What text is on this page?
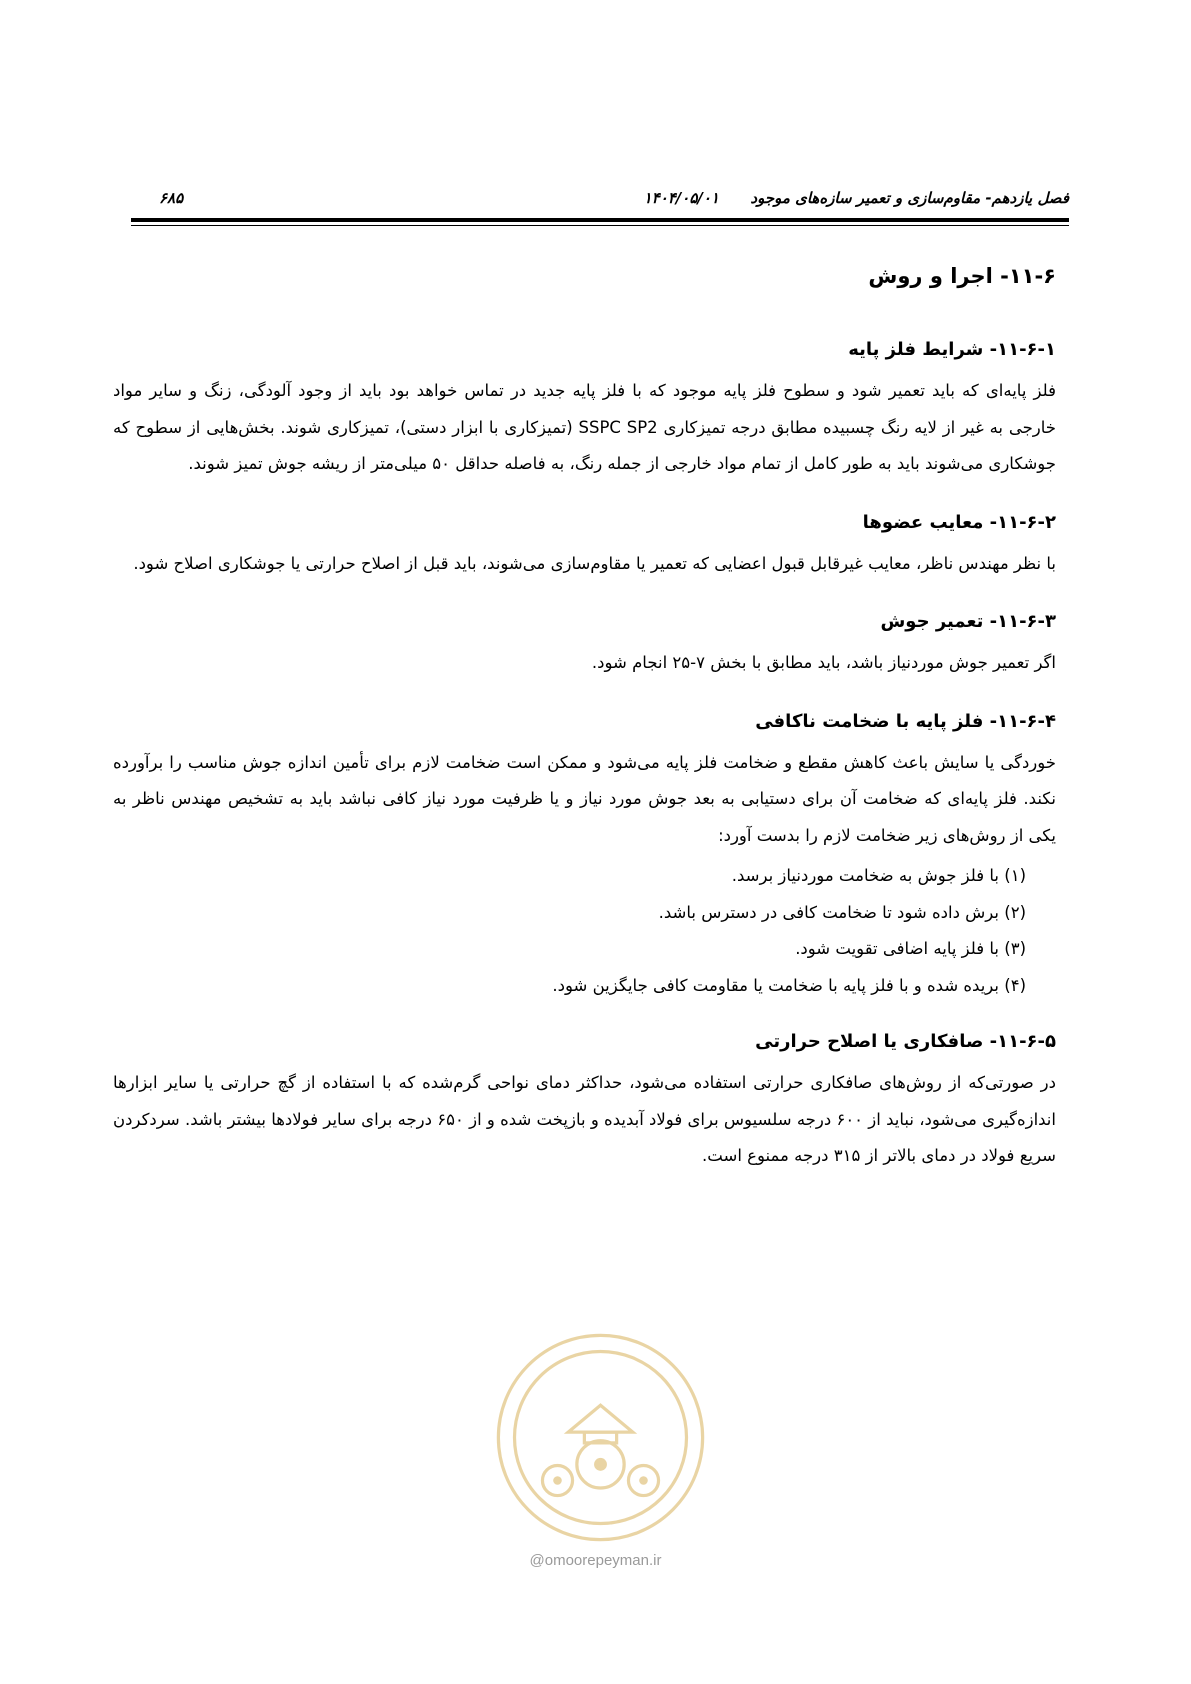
فصل یازدهم- مقاوم‌سازی و تعمیر سازه‌های موجود
۱۴۰۴/۰۵/۰۱
۶۸۵
۱۱-۶- اجرا و روش
۱۱-۶-۱- شرایط فلز پایه

فلز پایه‌ای که باید تعمیر شود و سطوح فلز پایه موجود که با فلز پایه جدید در تماس خواهد بود باید از وجود آلودگی، زنگ و سایر مواد خارجی به غیر از لایه رنگ چسبیده مطابق درجه تمیزکاری SSPC SP2 (تمیزکاری با ابزار دستی)، تمیزکاری شوند. بخش‌هایی از سطوح که جوشکاری می‌شوند باید به طور کامل از تمام مواد خارجی از جمله رنگ، به فاصله حداقل ۵۰ میلی‌متر از ریشه جوش تمیز شوند.

۱۱-۶-۲- معایب عضوها

با نظر مهندس ناظر، معایب غیرقابل قبول اعضایی که تعمیر یا مقاوم‌سازی می‌شوند، باید قبل از اصلاح حرارتی یا جوشکاری اصلاح شود.

۱۱-۶-۳- تعمیر جوش

اگر تعمیر جوش موردنیاز باشد، باید مطابق با بخش ۷-۲۵ انجام شود.

۱۱-۶-۴- فلز پایه با ضخامت ناکافی

خوردگی یا سایش باعث کاهش مقطع و ضخامت فلز پایه می‌شود و ممکن است ضخامت لازم برای تأمین اندازه جوش مناسب را برآورده نکند. فلز پایه‌ای که ضخامت آن برای دستیابی به بعد جوش مورد نیاز و یا ظرفیت مورد نیاز کافی نباشد باید به تشخیص مهندس ناظر به یکی از روش‌های زیر ضخامت لازم را بدست آورد:

(۱) با فلز جوش به ضخامت موردنیاز برسد.
(۲) برش داده شود تا ضخامت کافی در دسترس باشد.
(۳) با فلز پایه اضافی تقویت شود.
(۴) بریده شده و با فلز پایه با ضخامت یا مقاومت کافی جایگزین شود.
۱۱-۶-۵- صافکاری یا اصلاح حرارتی

در صورتی‌که از روش‌های صافکاری حرارتی استفاده می‌شود، حداکثر دمای نواحی گرم‌شده که با استفاده از گچ حرارتی یا سایر ابزارها اندازه‌گیری می‌شود، نباید از ۶۰۰ درجه سلسیوس برای فولاد آبدیده و بازپخت شده و از ۶۵۰ درجه برای سایر فولادها بیشتر باشد. سردکردن سریع فولاد در دمای بالاتر از ۳۱۵ درجه ممنوع است.

@omoorepeyman.ir
